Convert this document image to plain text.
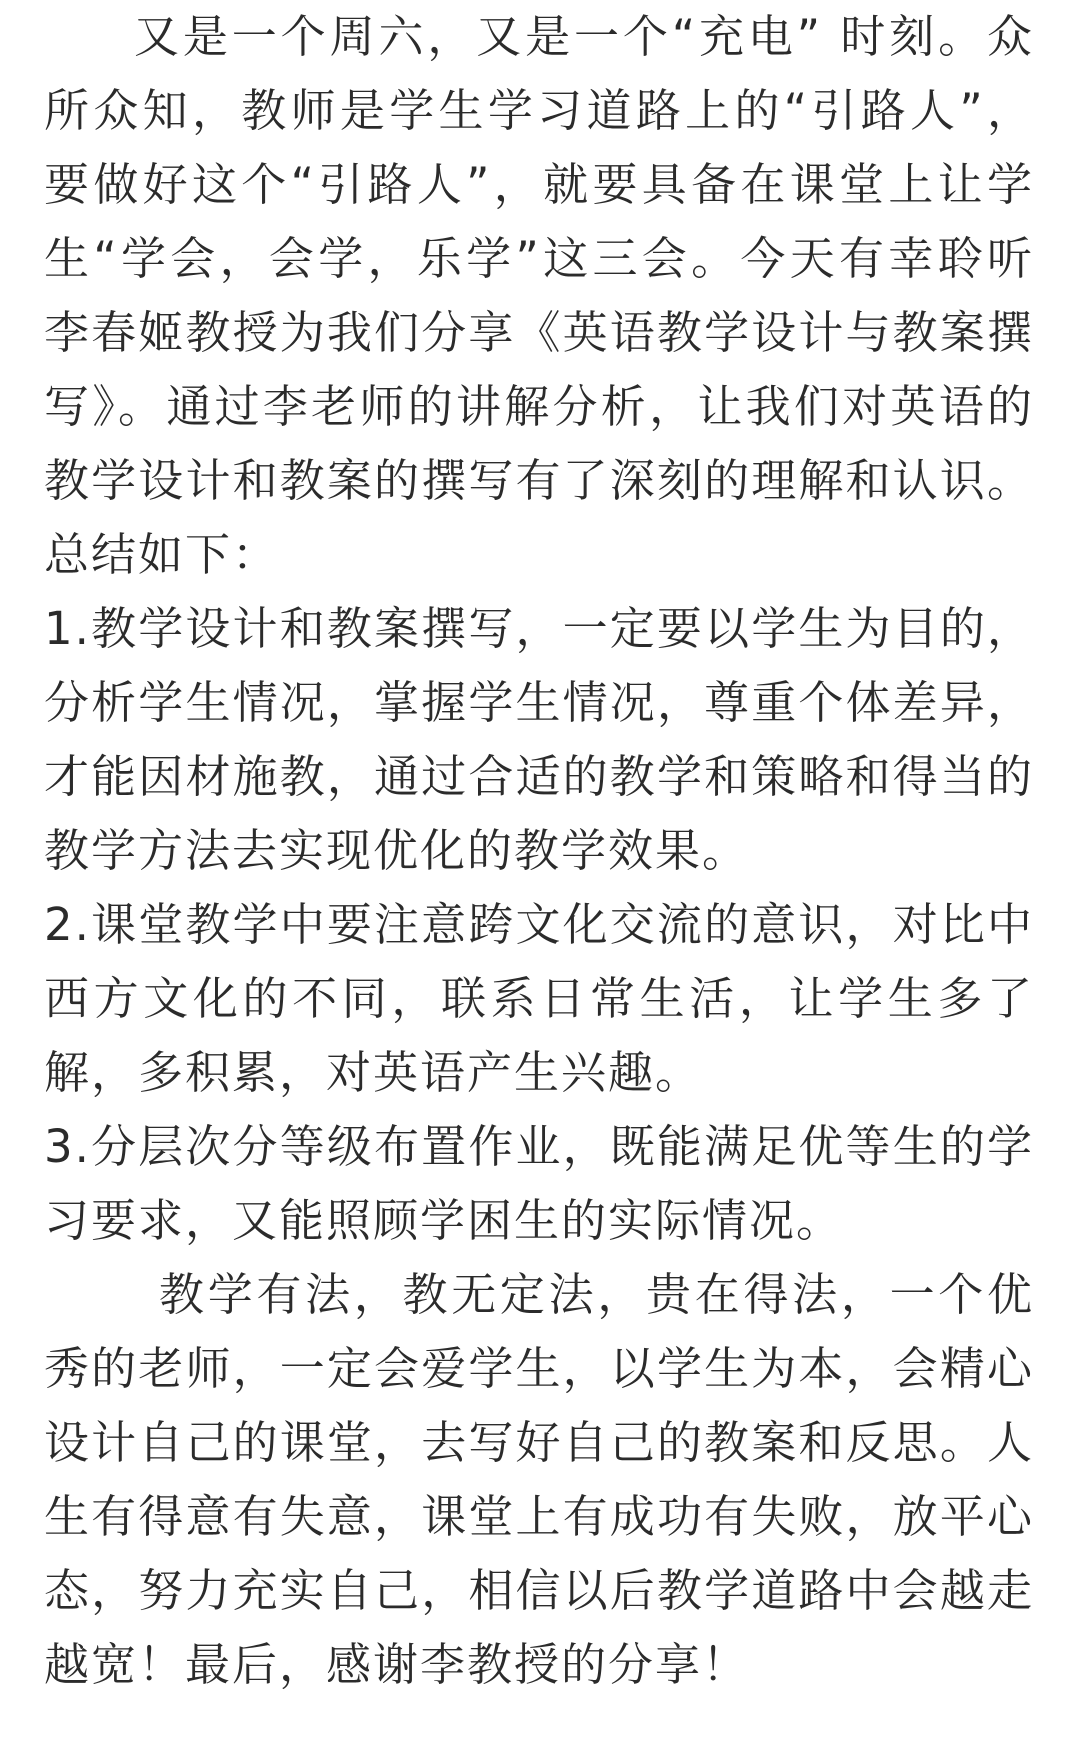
又是一个周六，又是一个“充电” 时刻。众所众知，教师是学生学习道路上的“引路人”，要做好这个“引路人”，就要具备在课堂上让学生“学会，会学，乐学”这三会。今天有幸聆听李春姬教授为我们分享《英语教学设计与教案撰写》。通过李老师的讲解分析，让我们对英语的教学设计和教案的撰写有了深刻的理解和认识。总结如下：

1.教学设计和教案撰写，一定要以学生为目的，分析学生情况，掌握学生情况，尊重个体差异，才能因材施教，通过合适的教学和策略和得当的教学方法去实现优化的教学效果。

2.课堂教学中要注意跨文化交流的意识，对比中西方文化的不同，联系日常生活，让学生多了解，多积累，对英语产生兴趣。

3.分层次分等级布置作业，既能满足优等生的学习要求，又能照顾学困生的实际情况。

教学有法，教无定法，贵在得法，一个优秀的老师，一定会爱学生，以学生为本，会精心设计自己的课堂，去写好自己的教案和反思。人生有得意有失意，课堂上有成功有失败，放平心态，努力充实自己，相信以后教学道路中会越走越宽！最后，感谢李教授的分享！
